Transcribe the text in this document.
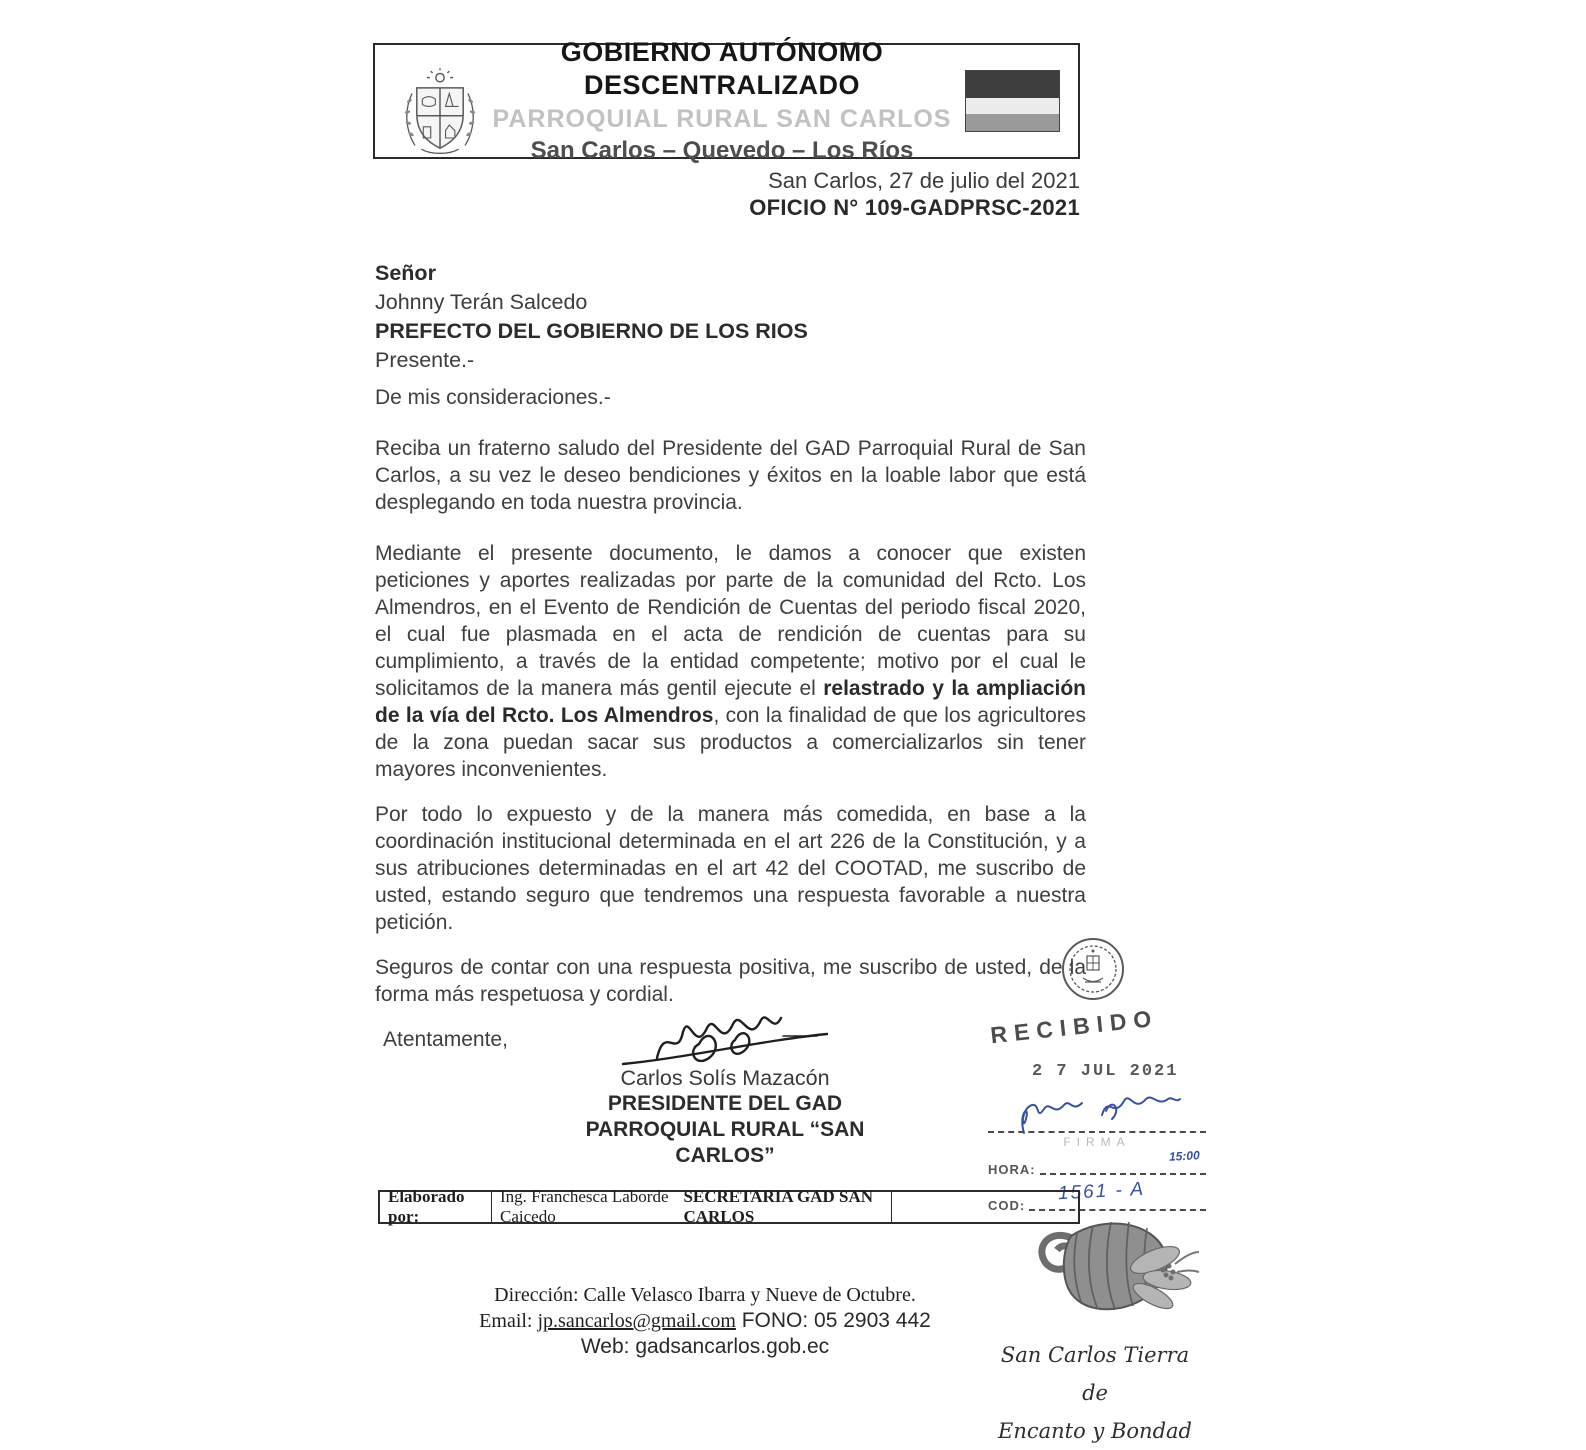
GOBIERNO AUTÓNOMO DESCENTRALIZADO
PARROQUIAL RURAL SAN CARLOS
San Carlos – Quevedo – Los Ríos
San Carlos, 27 de julio del 2021
OFICIO N° 109-GADPRSC-2021
Señor
Johnny Terán Salcedo
PREFECTO DEL GOBIERNO DE LOS RIOS
Presente.-

De mis consideraciones.-

Reciba un fraterno saludo del Presidente del GAD Parroquial Rural de San Carlos, a su vez le deseo bendiciones y éxitos en la loable labor que está desplegando en toda nuestra provincia.

Mediante el presente documento, le damos a conocer que existen peticiones y aportes realizadas por parte de la comunidad del Rcto. Los Almendros, en el Evento de Rendición de Cuentas del periodo fiscal 2020, el cual fue plasmada en el acta de rendición de cuentas para su cumplimiento, a través de la entidad competente; motivo por el cual le solicitamos de la manera más gentil ejecute el relastrado y la ampliación de la vía del Rcto. Los Almendros, con la finalidad de que los agricultores de la zona puedan sacar sus productos a comercializarlos sin tener mayores inconvenientes.

Por todo lo expuesto y de la manera más comedida, en base a la coordinación institucional determinada en el art 226 de la Constitución, y a sus atribuciones determinadas en el art 42 del COOTAD, me suscribo de usted, estando seguro que tendremos una respuesta favorable a nuestra petición.

Seguros de contar con una respuesta positiva, me suscribo de usted, de la forma más respetuosa y cordial.

Atentamente,

Carlos Solís Mazacón
PRESIDENTE DEL GAD
PARROQUIAL RURAL “SAN CARLOS”
RECIBIDO
2 7 JUL 2021
FIRMA
HORA:
15:00
COD:
1561 - A
Elaborado por:
Ing. Franchesca Laborde Caicedo

SECRETARIA GAD SAN CARLOS
Dirección: Calle Velasco Ibarra y Nueve de Octubre.
Email: jp.sancarlos@gmail.com FONO: 05 2903 442
Web: gadsancarlos.gob.ec	San Carlos Tierra de
Encanto y Bondad
